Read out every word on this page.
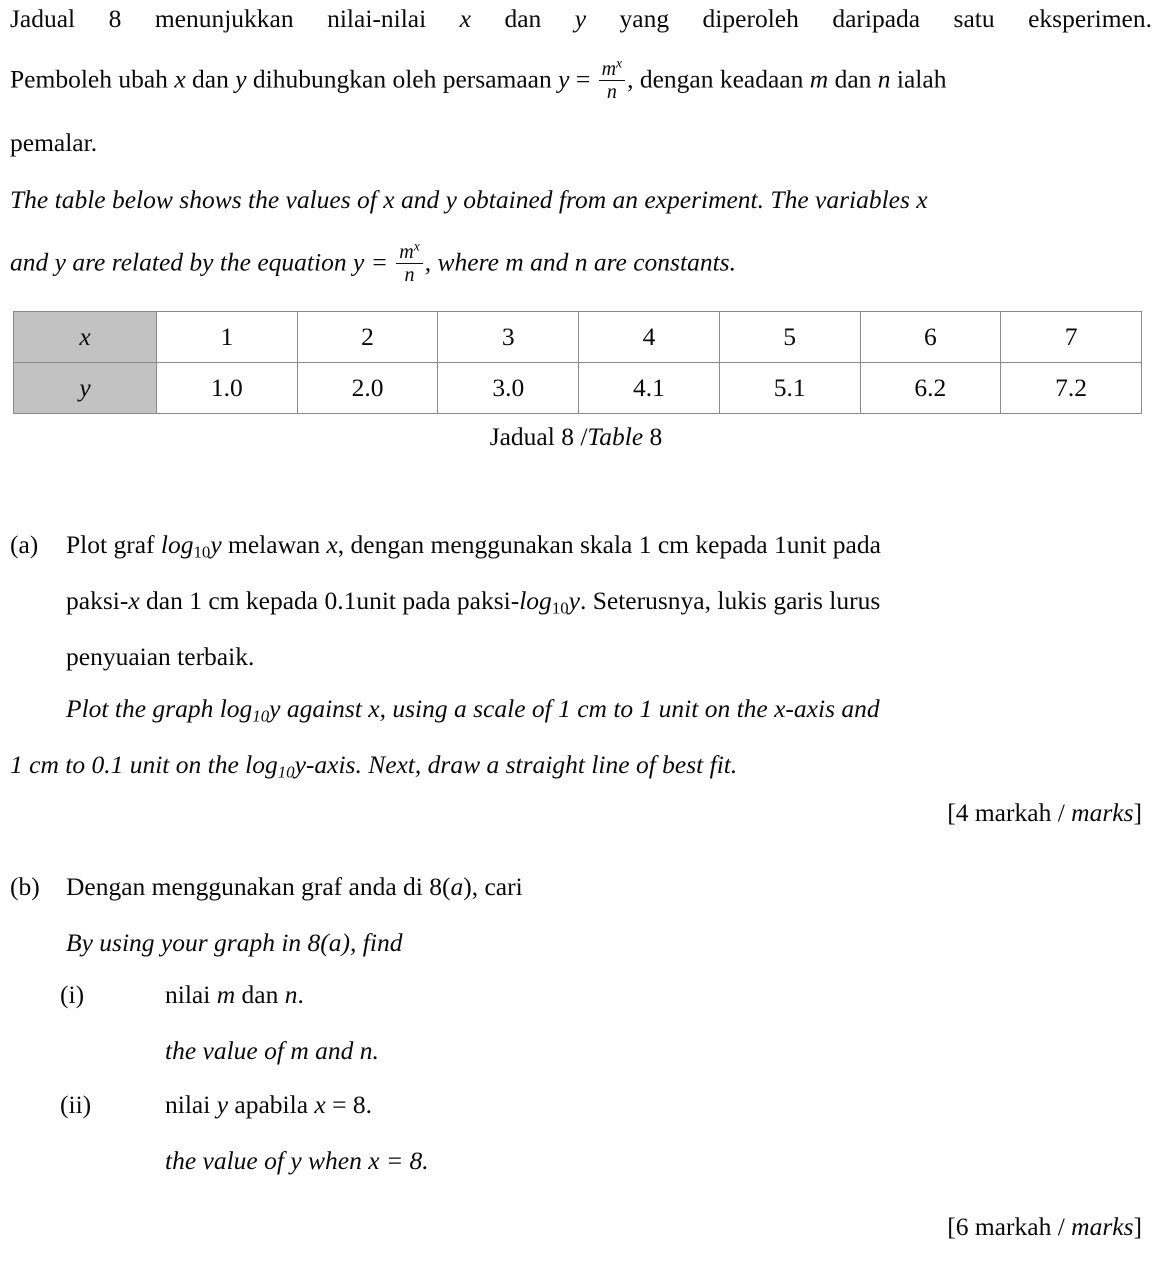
Jadual 8 menunjukkan nilai-nilai x dan y yang diperoleh daripada satu eksperimen.
Pemboleh ubah x dan y dihubungkan oleh persamaan $y = \frac{m^x}{n}$ , dengan keadaan m dan n ialah
pemalar.
The table below shows the values of x and y obtained from an experiment. The variables x
and y are related by the equation $y = \frac{m^x}{n}$ , where m and n are constants.
x	1	2	3	4	5	6	7
y	1.0	2.0	3.0	4.1	5.1	6.2	7.2
Jadual 8 /Table 8
(a) Plot graf $\log_{10}y$ melawan x, dengan menggunakan skala 1 cm kepada 1unit pada
paksi-x dan 1 cm kepada 0.1unit pada paksi-$\log_{10}y$. Seterusnya, lukis garis lurus
penyuaian terbaik.
Plot the graph $\log_{10}y$ against x, using a scale of 1 cm to 1 unit on the x-axis and
1 cm to 0.1 unit on the $\log_{10}y$-axis. Next, draw a straight line of best fit.
[4 markah / marks]
(b) Dengan menggunakan graf anda di 8(a), cari
By using your graph in 8(a), find
(i)	nilai m dan n.
the value of m and n.
(ii)	nilai y apabila x = 8.
the value of y when x = 8.
[6 markah / marks]
